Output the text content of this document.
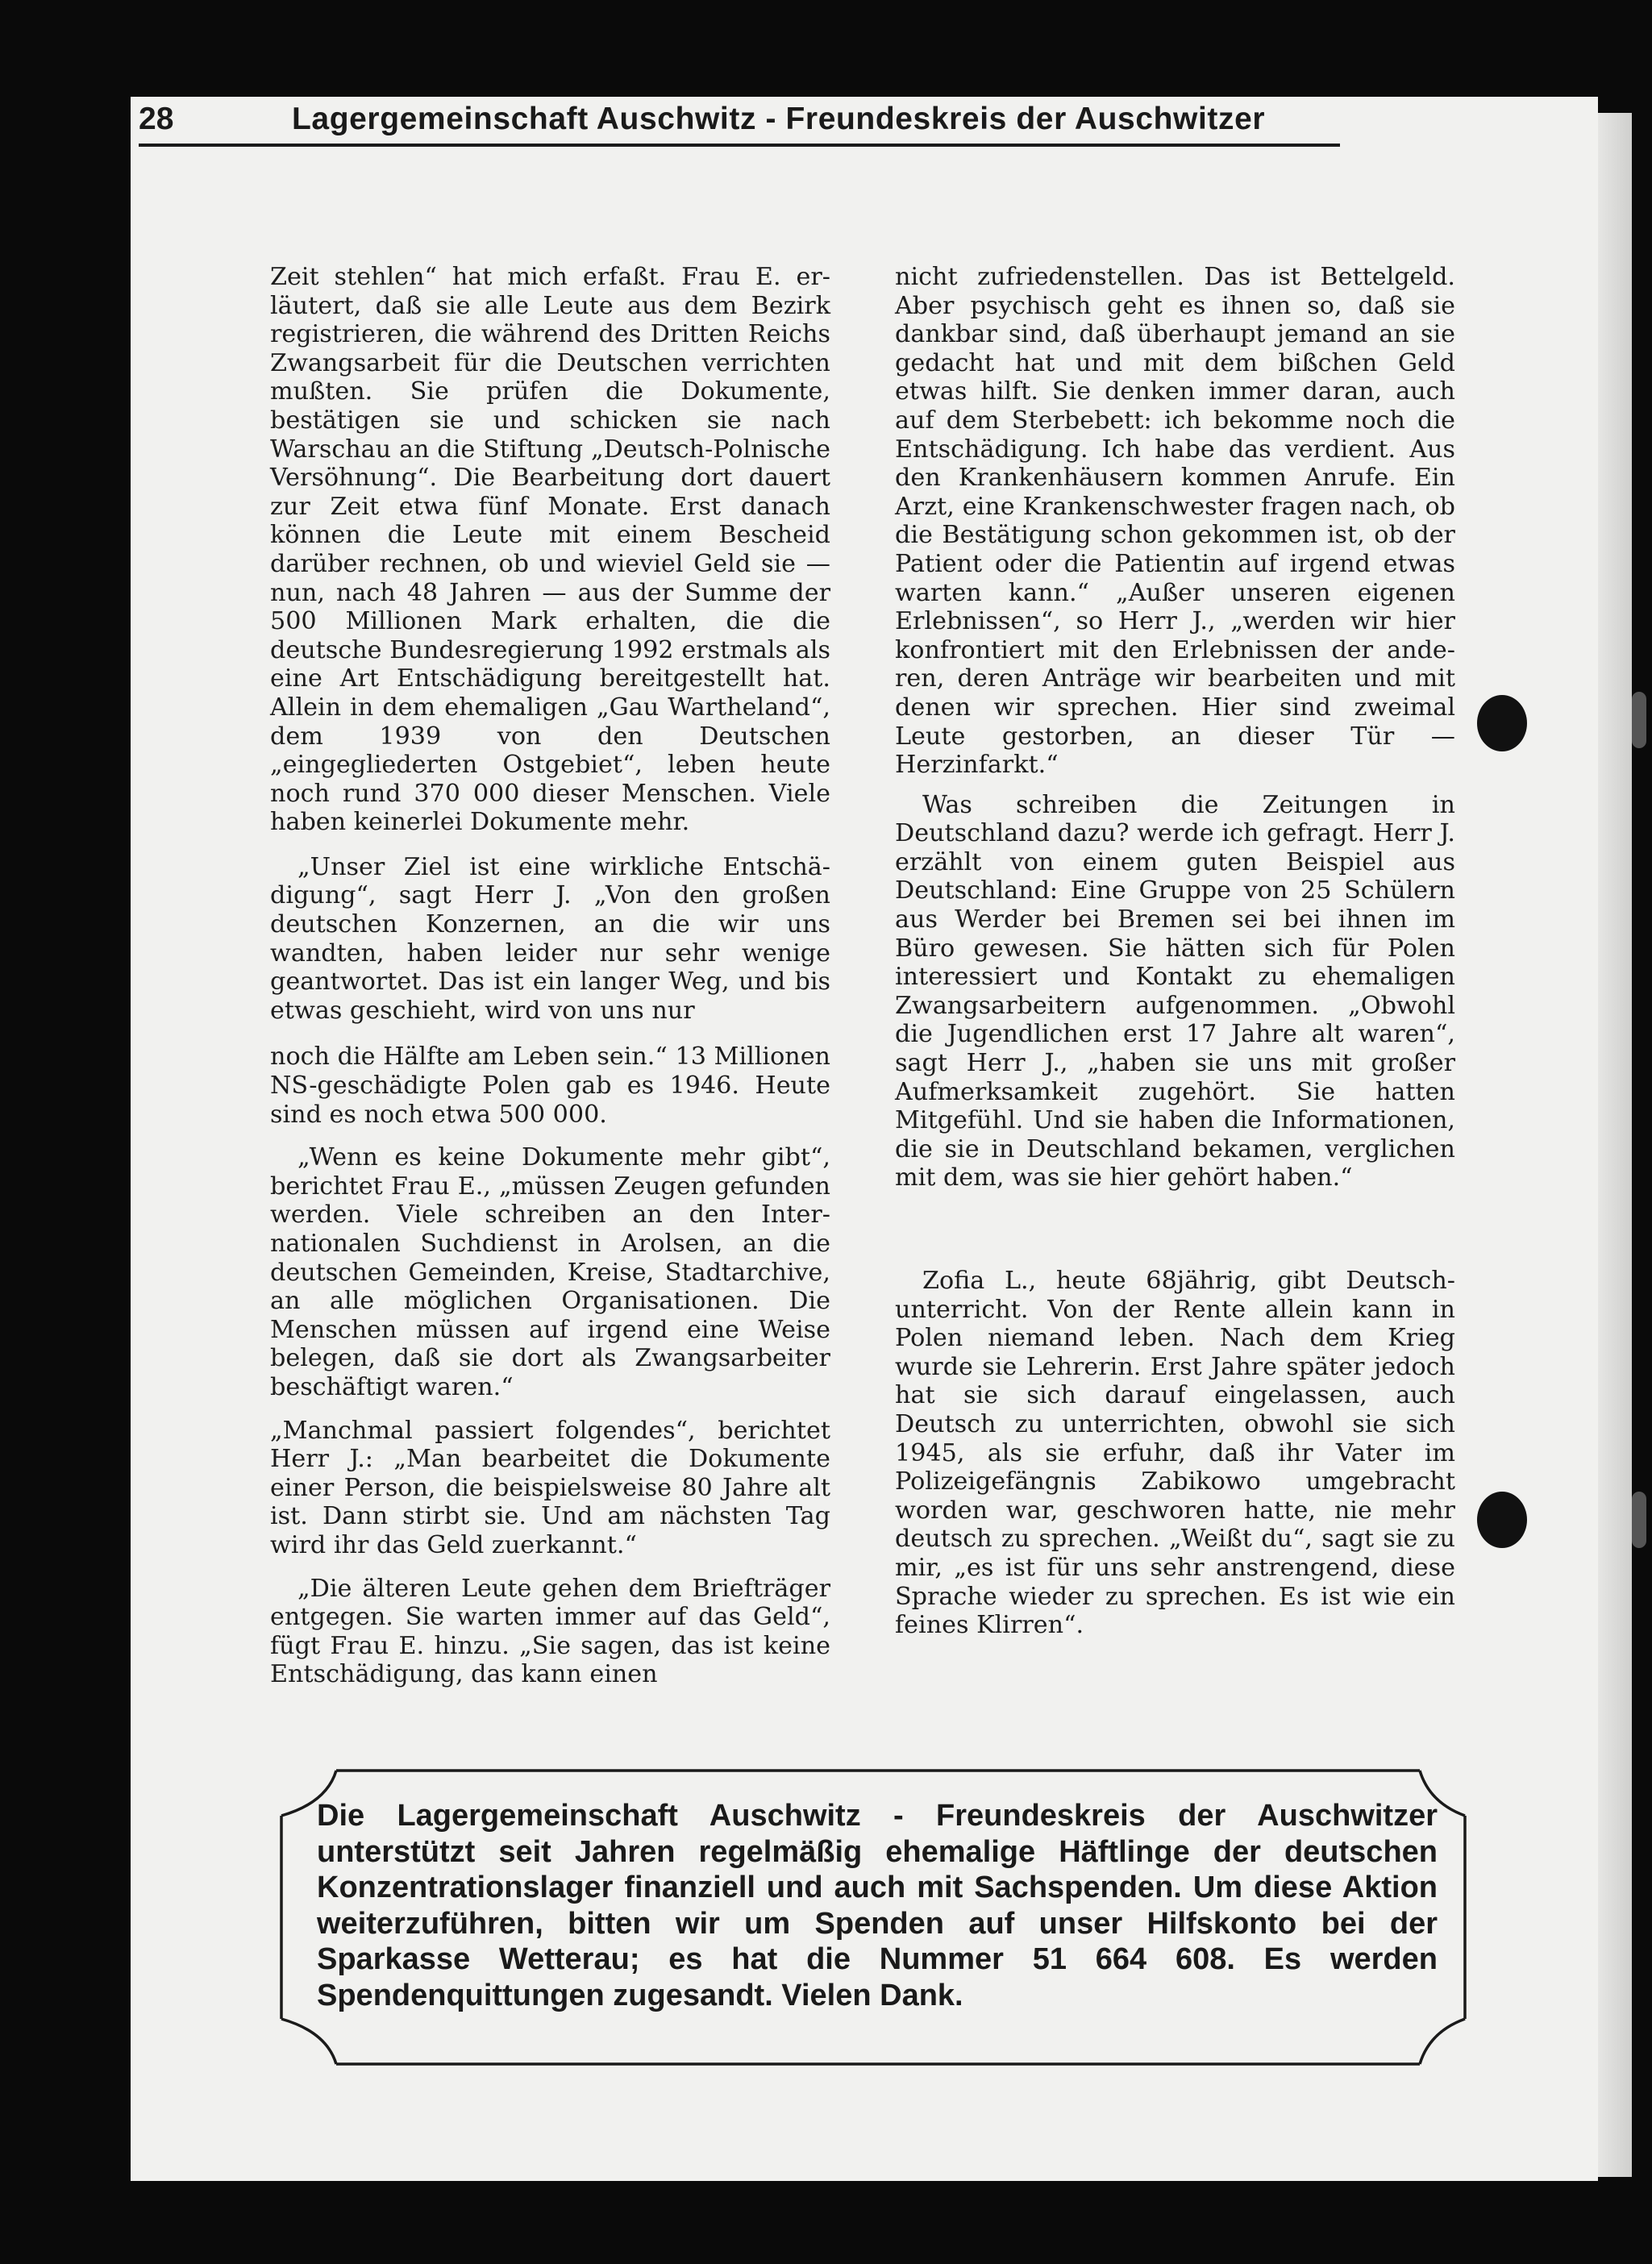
28	Lagergemeinschaft Auschwitz - Freundeskreis der Auschwitzer

Zeit stehlen“ hat mich erfaßt. Frau E. erläutert, daß sie alle Leute aus dem Bezirk registrieren, die während des Dritten Reichs Zwangsarbeit für die Deutschen verrichten mußten. Sie prüfen die Dokumente, bestätigen sie und schicken sie nach Warschau an die Stiftung „Deutsch-Polnische Versöhnung“. Die Bearbeitung dort dauert zur Zeit etwa fünf Monate. Erst danach können die Leute mit einem Bescheid darüber rechnen, ob und wieviel Geld sie — nun, nach 48 Jahren — aus der Summe der 500 Millionen Mark erhalten, die die deutsche Bundesregierung 1992 erstmals als eine Art Entschädigung bereitgestellt hat. Allein in dem ehemaligen „Gau Wartheland“, dem 1939 von den Deutschen „eingegliederten Ostgebiet“, leben heute noch rund 370 000 dieser Menschen. Viele haben keinerlei Dokumente mehr.

„Unser Ziel ist eine wirkliche Entschädigung“, sagt Herr J. „Von den großen deutschen Konzernen, an die wir uns wandten, haben leider nur sehr wenige geantwortet. Das ist ein langer Weg, und bis etwas geschieht, wird von uns nur

noch die Hälfte am Leben sein.“ 13 Millionen NS-geschädigte Polen gab es 1946. Heute sind es noch etwa 500 000.

„Wenn es keine Dokumente mehr gibt“, berichtet Frau E., „müssen Zeugen gefunden werden. Viele schreiben an den Internationalen Suchdienst in Arolsen, an die deutschen Gemeinden, Kreise, Stadtarchive, an alle möglichen Organisationen. Die Menschen müssen auf irgend eine Weise belegen, daß sie dort als Zwangsarbeiter beschäftigt waren.“

„Manchmal passiert folgendes“, berichtet Herr J.: „Man bearbeitet die Dokumente einer Person, die beispielsweise 80 Jahre alt ist. Dann stirbt sie. Und am nächsten Tag wird ihr das Geld zuerkannt.“

„Die älteren Leute gehen dem Briefträger entgegen. Sie warten immer auf das Geld“, fügt Frau E. hinzu. „Sie sagen, das ist keine Entschädigung, das kann einen

nicht zufriedenstellen. Das ist Bettelgeld. Aber psychisch geht es ihnen so, daß sie dankbar sind, daß überhaupt jemand an sie gedacht hat und mit dem bißchen Geld etwas hilft. Sie denken immer daran, auch auf dem Sterbebett: ich bekomme noch die Entschädigung. Ich habe das verdient. Aus den Krankenhäusern kommen Anrufe. Ein Arzt, eine Krankenschwester fragen nach, ob die Bestätigung schon gekommen ist, ob der Patient oder die Patientin auf irgend etwas warten kann.“ „Außer unseren eigenen Erlebnissen“, so Herr J., „werden wir hier konfrontiert mit den Erlebnissen der anderen, deren Anträge wir bearbeiten und mit denen wir sprechen. Hier sind zweimal Leute gestorben, an dieser Tür — Herzinfarkt.“

Was schreiben die Zeitungen in Deutschland dazu? werde ich gefragt. Herr J. erzählt von einem guten Beispiel aus Deutschland: Eine Gruppe von 25 Schülern aus Werder bei Bremen sei bei ihnen im Büro gewesen. Sie hätten sich für Polen interessiert und Kontakt zu ehemaligen Zwangsarbeitern aufgenommen. „Obwohl die Jugendlichen erst 17 Jahre alt waren“, sagt Herr J., „haben sie uns mit großer Aufmerksamkeit zugehört. Sie hatten Mitgefühl. Und sie haben die Informationen, die sie in Deutschland bekamen, verglichen mit dem, was sie hier gehört haben.“

Zofia L., heute 68jährig, gibt Deutschunterricht. Von der Rente allein kann in Polen niemand leben. Nach dem Krieg wurde sie Lehrerin. Erst Jahre später jedoch hat sie sich darauf eingelassen, auch Deutsch zu unterrichten, obwohl sie sich 1945, als sie erfuhr, daß ihr Vater im Polizeigefängnis Zabikowo umgebracht worden war, geschworen hatte, nie mehr deutsch zu sprechen. „Weißt du“, sagt sie zu mir, „es ist für uns sehr anstrengend, diese Sprache wieder zu sprechen. Es ist wie ein feines Klirren“.

Die Lagergemeinschaft Auschwitz - Freundeskreis der Auschwitzer unterstützt seit Jahren regelmäßig ehemalige Häftlinge der deutschen Konzentrationslager finanziell und auch mit Sachspenden. Um diese Aktion weiterzuführen, bitten wir um Spenden auf unser Hilfskonto bei der Sparkasse Wetterau; es hat die Nummer 51 664 608. Es werden Spendenquittungen zugesandt. Vielen Dank.
